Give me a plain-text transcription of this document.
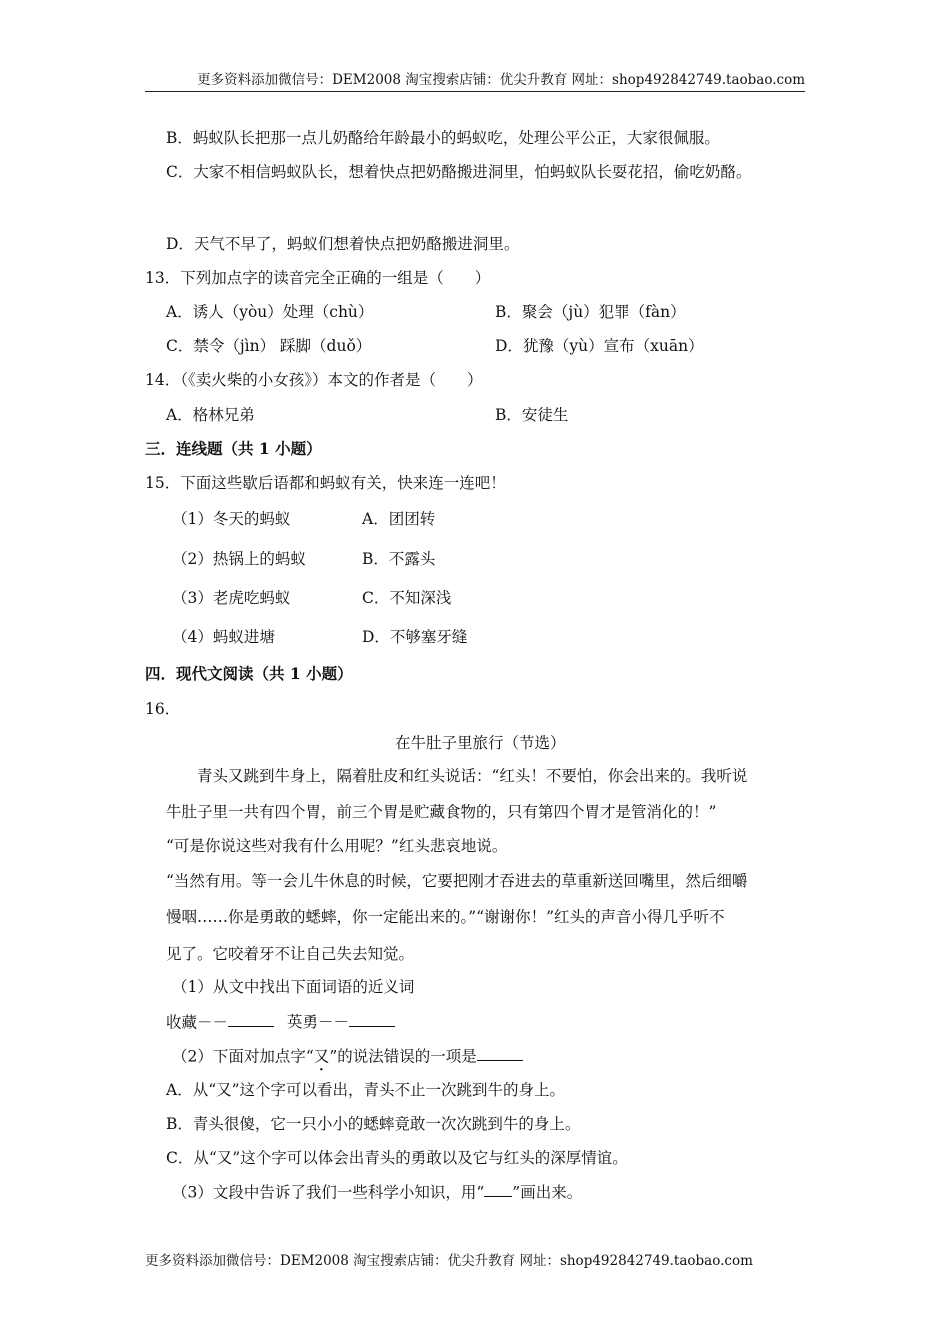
更多资料添加微信号：DEM2008 淘宝搜索店铺：优尖升教育 网址：shop492842749.taobao.com
B．蚂蚁队长把那一点儿奶酪给年龄最小的蚂蚁吃，处理公平公正，大家很佩服。
C．大家不相信蚂蚁队长，想着快点把奶酪搬进洞里，怕蚂蚁队长耍花招，偷吃奶酪。
D．天气不早了，蚂蚁们想着快点把奶酪搬进洞里。
13．下列加点字的读音完全正确的一组是（　　）
A．诱人（yòu）处理（chù）	B．聚会（jù）犯罪（fàn）
C．禁令（jìn） 踩脚（duǒ）	D．犹豫（yù）宣布（xuān）
14．（《卖火柴的小女孩》）本文的作者是（　　）
A．格林兄弟	B．安徒生
三．连线题（共 1 小题）
15．下面这些歇后语都和蚂蚁有关，快来连一连吧！
（1）冬天的蚂蚁	A．团团转
（2）热锅上的蚂蚁	B．不露头
（3）老虎吃蚂蚁	C．不知深浅
（4）蚂蚁进塘	D．不够塞牙缝
四．现代文阅读（共 1 小题）
16．
在牛肚子里旅行（节选）
青头又跳到牛身上，隔着肚皮和红头说话：“红头！不要怕，你会出来的。我听说
牛肚子里一共有四个胃，前三个胃是贮藏食物的，只有第四个胃才是管消化的！”
“可是你说这些对我有什么用呢？”红头悲哀地说。
“当然有用。等一会儿牛休息的时候，它要把刚才吞进去的草重新送回嘴里，然后细嚼
慢咽……你是勇敢的蟋蟀，你一定能出来的。”“谢谢你！”红头的声音小得几乎听不
见了。它咬着牙不让自己失去知觉。
（1）从文中找出下面词语的近义词
收藏－－	英勇－－
（2）下面对加点字“又”的说法错误的一项是
A．从“又”这个字可以看出，青头不止一次跳到牛的身上。
B．青头很傻，它一只小小的蟋蟀竟敢一次次跳到牛的身上。
C．从“又”这个字可以体会出青头的勇敢以及它与红头的深厚情谊。
（3）文段中告诉了我们一些科学小知识，用“ ”画出来。
更多资料添加微信号：DEM2008 淘宝搜索店铺：优尖升教育 网址：shop492842749.taobao.com
